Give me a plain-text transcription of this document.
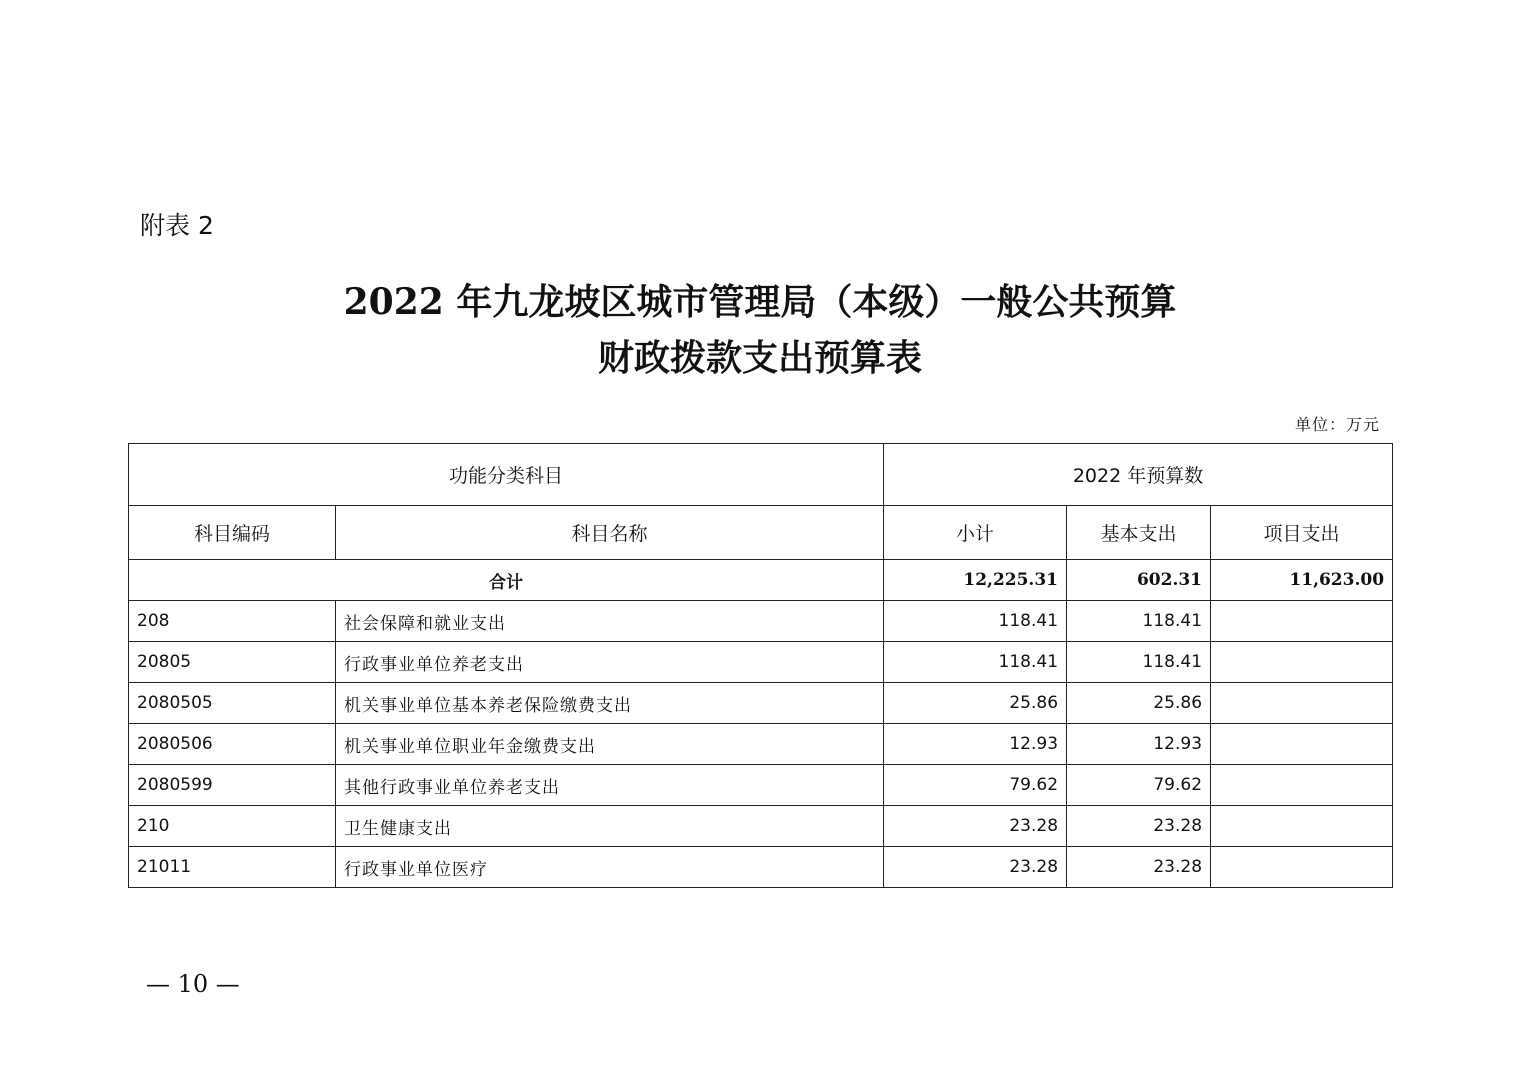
附表 2
2022 年九龙坡区城市管理局（本级）一般公共预算
财政拨款支出预算表
单位：万元
功能分类科目		2022 年预算数		
科目编码	科目名称	小计	基本支出	项目支出
合计		12,225.31	602.31	11,623.00
208	社会保障和就业支出	118.41	118.41	
20805	行政事业单位养老支出	118.41	118.41	
2080505	机关事业单位基本养老保险缴费支出	25.86	25.86	
2080506	机关事业单位职业年金缴费支出	12.93	12.93	
2080599	其他行政事业单位养老支出	79.62	79.62	
210	卫生健康支出	23.28	23.28	
21011	行政事业单位医疗	23.28	23.28	
— 10 —
